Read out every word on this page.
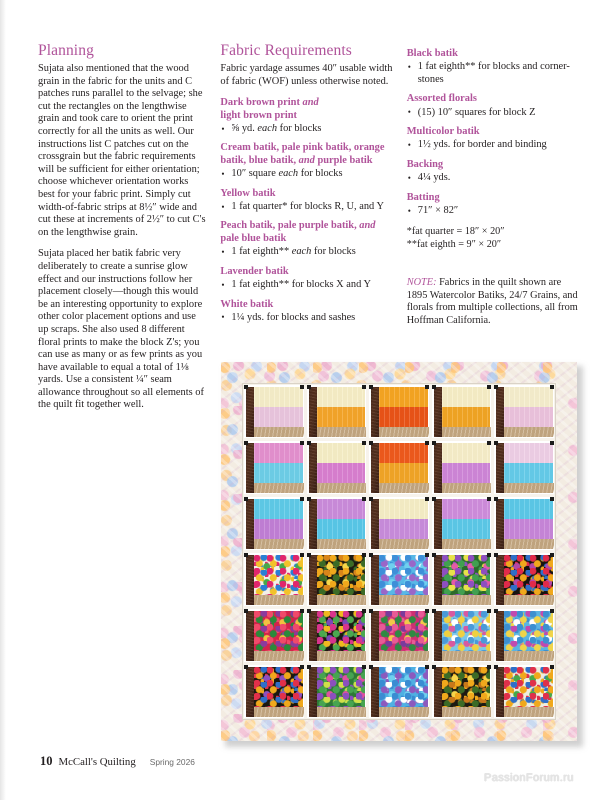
Planning

Sujata also mentioned that the wood grain in the fabric for the units and C patches runs parallel to the selvage; she cut the rectangles on the lengthwise grain and took care to orient the print correctly for all the units as well. Our instructions list C patches cut on the crossgrain but the fabric requirements will be sufficient for either orientation; choose whichever orientation works best for your fabric print. Simply cut width-of-fabric strips at 8½″ wide and cut these at increments of 2½″ to cut C's on the lengthwise grain.

Sujata placed her batik fabric very deliberately to create a sunrise glow effect and our instructions follow her placement closely—though this would be an interesting opportunity to explore other color placement options and use up scraps. She also used 8 different floral prints to make the block Z's; you can use as many or as few prints as you have available to equal a total of 1⅛ yards. Use a consistent ¼″ seam allowance throughout so all elements of the quilt fit together well.

Fabric Requirements

Fabric yardage assumes 40″ usable width of fabric (WOF) unless otherwise noted.

Dark brown print and
light brown print

• ⅝ yd. each for blocks

Cream batik, pale pink batik, orange batik, blue batik, and purple batik

• 10″ square each for blocks

Yellow batik

• 1 fat quarter* for blocks R, U, and Y

Peach batik, pale purple batik, and pale blue batik

• 1 fat eighth** each for blocks

Lavender batik

• 1 fat eighth** for blocks X and Y

White batik

• 1¼ yds. for blocks and sashes

Black batik

• 1 fat eighth** for blocks and corner-stones

Assorted florals

• (15) 10″ squares for block Z

Multicolor batik

• 1½ yds. for border and binding

Backing

• 4¼ yds.

Batting

• 71″ × 82″

*fat quarter = 18″ × 20″

**fat eighth = 9″ × 20″

NOTE: Fabrics in the quilt shown are 1895 Watercolor Batiks, 24/7 Grains, and florals from multiple collections, all from Hoffman California.

10 McCall's Quilting Spring 2026
PassionForum.ru
